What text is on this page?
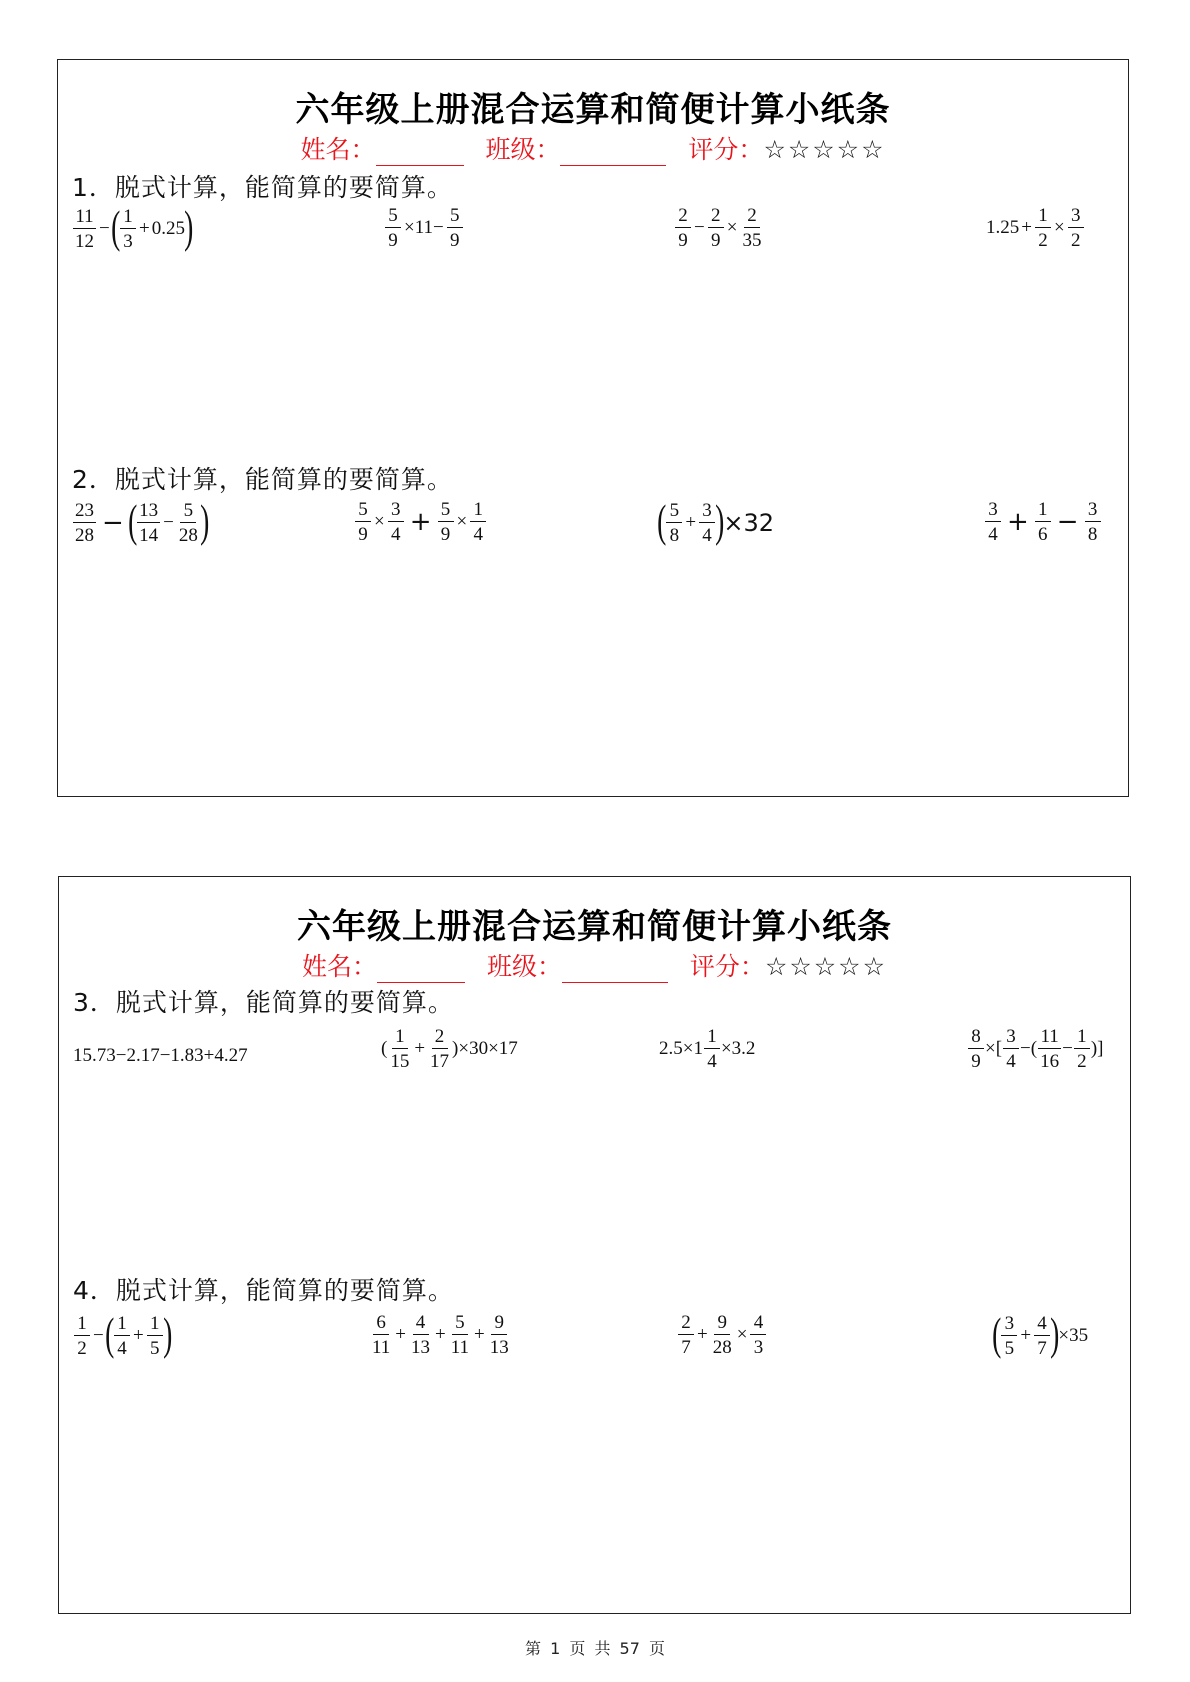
六年级上册混合运算和简便计算小纸条
姓名：	班级：	评分：☆☆☆☆☆
1．脱式计算，能简算的要简算。
$\frac{11}{12}$ − ( $\frac{1}{3} + 0.25$ )	$\frac{5}{9} \times 11- \frac{5}{9}$	$\frac{2}{9} - \frac{2}{9} \times \frac{2}{35}$	$1.25 + \frac{1}{2} \times \frac{3}{2}$
2．脱式计算，能简算的要简算。
$\frac{23}{28}$ − ( $\frac{13}{14} - \frac{5}{28}$ )	$\frac{5}{9} \times \frac{3}{4} + \frac{5}{9} \times \frac{1}{4}$	( $\frac{5}{8} + \frac{3}{4}$ ) ×32	$\frac{3}{4} + \frac{1}{6} - \frac{3}{8}$
六年级上册混合运算和简便计算小纸条
姓名：	班级：	评分：☆☆☆☆☆
3．脱式计算，能简算的要简算。
15.73−2.17−1.83+4.27	( $\frac{1}{15} + \frac{2}{17}$ ) ×30×17	$2.5\times 1 \frac{1}{4} \times 3.2$	$\frac{8}{9}$ ×[ $\frac{3}{4}$ −( $\frac{11}{16} - \frac{1}{2}$ )]
4．脱式计算，能简算的要简算。
$\frac{1}{2}$ − ( $\frac{1}{4} + \frac{1}{5}$ )	$\frac{6}{11} + \frac{4}{13} + \frac{5}{11} + \frac{9}{13}$	$\frac{2}{7} + \frac{9}{28} \times \frac{4}{3}$	( $\frac{3}{5} + \frac{4}{7}$ ) ×35
第 1 页 共 57 页
